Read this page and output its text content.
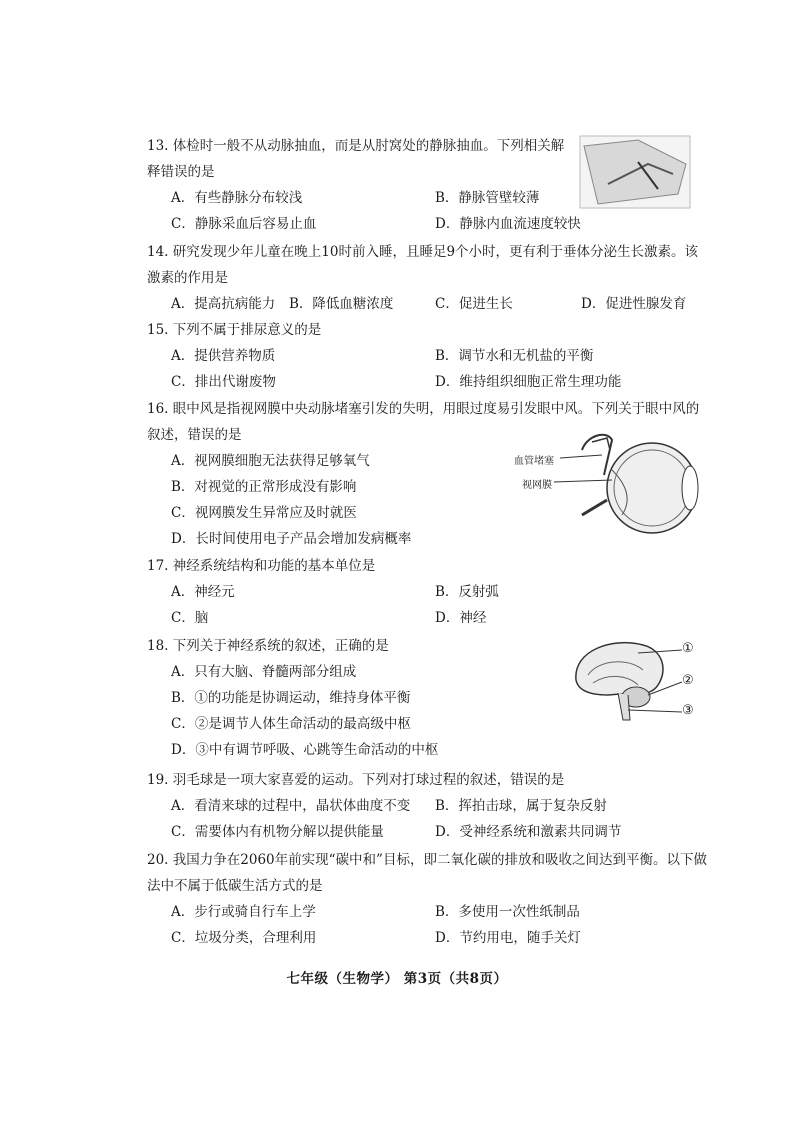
13. 体检时一般不从动脉抽血，而是从肘窝处的静脉抽血。下列相关解释错误的是
A．有些静脉分布较浅	B．静脉管壁较薄
C．静脉采血后容易止血	D．静脉内血流速度较快
14. 研究发现少年儿童在晚上10时前入睡，且睡足9个小时，更有利于垂体分泌生长激素。该激素的作用是
A．提高抗病能力 B．降低血糖浓度	C．促进生长	D．促进性腺发育
15. 下列不属于排尿意义的是
A．提供营养物质	B．调节水和无机盐的平衡
C．排出代谢废物	D．维持组织细胞正常生理功能
16. 眼中风是指视网膜中央动脉堵塞引发的失明，用眼过度易引发眼中风。下列关于眼中风的叙述，错误的是
A．视网膜细胞无法获得足够氧气
B．对视觉的正常形成没有影响
C．视网膜发生异常应及时就医
D．长时间使用电子产品会增加发病概率
血管堵塞
视网膜
17. 神经系统结构和功能的基本单位是
A．神经元	B．反射弧
C．脑	D．神经
18. 下列关于神经系统的叙述，正确的是
A．只有大脑、脊髓两部分组成
B．①的功能是协调运动，维持身体平衡
C．②是调节人体生命活动的最高级中枢
D．③中有调节呼吸、心跳等生命活动的中枢
①
②
③
19. 羽毛球是一项大家喜爱的运动。下列对打球过程的叙述，错误的是
A．看清来球的过程中，晶状体曲度不变 B．挥拍击球，属于复杂反射
C．需要体内有机物分解以提供能量	D．受神经系统和激素共同调节
20. 我国力争在2060年前实现“碳中和”目标，即二氧化碳的排放和吸收之间达到平衡。以下做法中不属于低碳生活方式的是
A．步行或骑自行车上学	B．多使用一次性纸制品
C．垃圾分类，合理利用	D．节约用电，随手关灯
七年级（生物学） 第3页（共8页）
